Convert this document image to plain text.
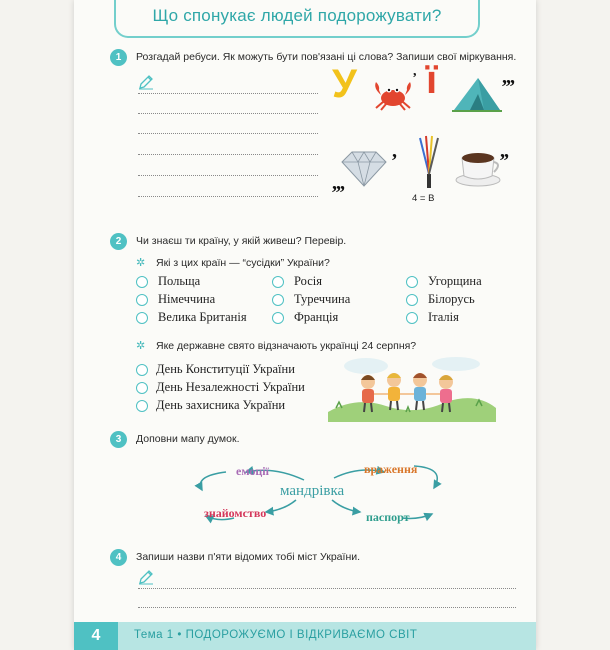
Що спонукає людей подорожувати?
1	Розгадай ребуси. Як можуть бути пов'язані ці слова? Запиши свої міркування.
У	, ї	,,,
,,,
,
4 = В
,,
2	Чи знаєш ти країну, у якій живеш? Перевір.
✲ Які з цих країн — “сусідки” України?
Польща	Росія	Угорщина
Німеччина	Туреччина	Білорусь
Велика Британія	Франція	Італія
✲ Яке державне свято відзначають українці 24 серпня?
День Конституції України
День Незалежності України
День захисника України
3	Доповни мапу думок.
емоції	враження
мандрівка
знайомство	паспорт
4	Запиши назви п'яти відомих тобі міст України.
4	Тема 1 • ПОДОРОЖУЄМО І ВІДКРИВАЄМО СВІТ
